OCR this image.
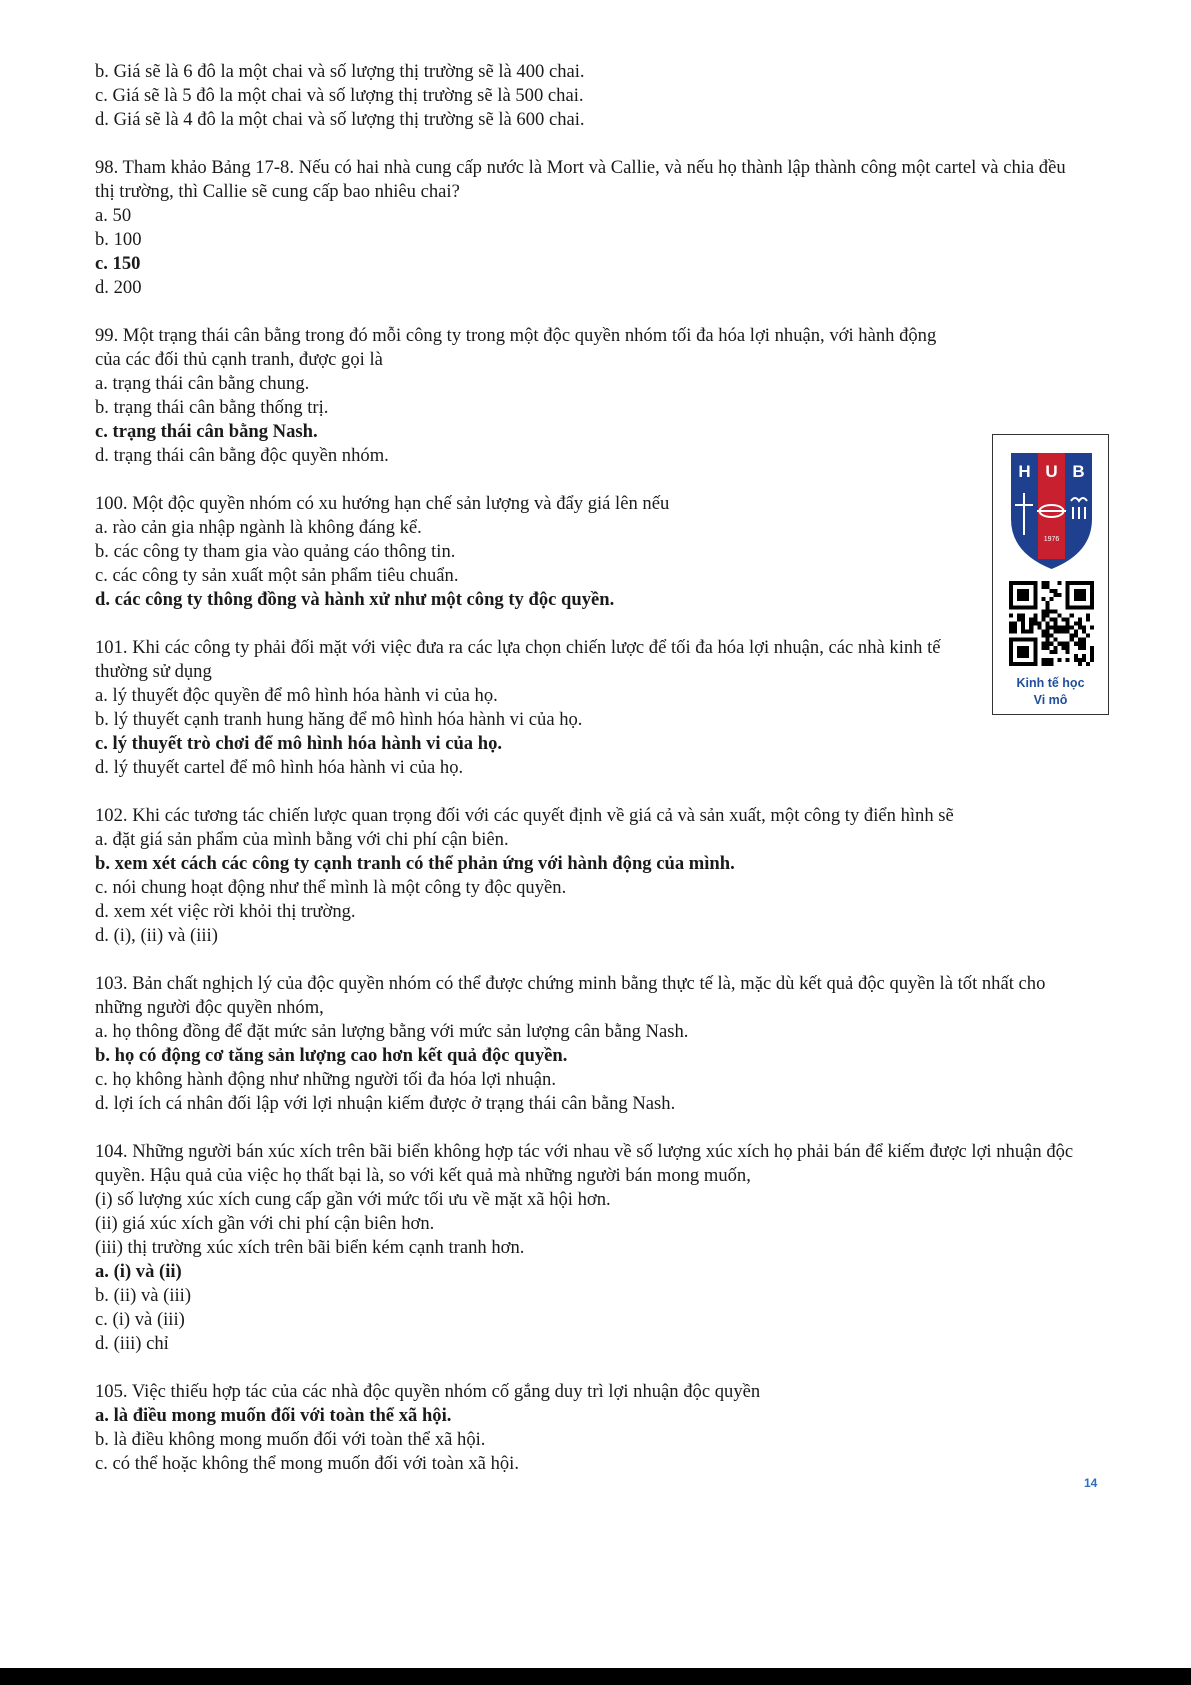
b. Giá sẽ là 6 đô la một chai và số lượng thị trường sẽ là 400 chai.
c. Giá sẽ là 5 đô la một chai và số lượng thị trường sẽ là 500 chai.
d. Giá sẽ là 4 đô la một chai và số lượng thị trường sẽ là 600 chai.
98. Tham khảo Bảng 17-8. Nếu có hai nhà cung cấp nước là Mort và Callie, và nếu họ thành lập thành công một cartel và chia đều thị trường, thì Callie sẽ cung cấp bao nhiêu chai?
a. 50
b. 100
c. 150
d. 200
99. Một trạng thái cân bằng trong đó mỗi công ty trong một độc quyền nhóm tối đa hóa lợi nhuận, với hành động của các đối thủ cạnh tranh, được gọi là
a. trạng thái cân bằng chung.
b. trạng thái cân bằng thống trị.
c. trạng thái cân bằng Nash.
d. trạng thái cân bằng độc quyền nhóm.
100. Một độc quyền nhóm có xu hướng hạn chế sản lượng và đẩy giá lên nếu
a. rào cản gia nhập ngành là không đáng kể.
b. các công ty tham gia vào quảng cáo thông tin.
c. các công ty sản xuất một sản phẩm tiêu chuẩn.
d. các công ty thông đồng và hành xử như một công ty độc quyền.
101. Khi các công ty phải đối mặt với việc đưa ra các lựa chọn chiến lược để tối đa hóa lợi nhuận, các nhà kinh tế thường sử dụng
a. lý thuyết độc quyền để mô hình hóa hành vi của họ.
b. lý thuyết cạnh tranh hung hăng để mô hình hóa hành vi của họ.
c. lý thuyết trò chơi để mô hình hóa hành vi của họ.
d. lý thuyết cartel để mô hình hóa hành vi của họ.
102. Khi các tương tác chiến lược quan trọng đối với các quyết định về giá cả và sản xuất, một công ty điển hình sẽ
a. đặt giá sản phẩm của mình bằng với chi phí cận biên.
b. xem xét cách các công ty cạnh tranh có thể phản ứng với hành động của mình.
c. nói chung hoạt động như thể mình là một công ty độc quyền.
d. xem xét việc rời khỏi thị trường.
d. (i), (ii) và (iii)
103. Bản chất nghịch lý của độc quyền nhóm có thể được chứng minh bằng thực tế là, mặc dù kết quả độc quyền là tốt nhất cho những người độc quyền nhóm,
a. họ thông đồng để đặt mức sản lượng bằng với mức sản lượng cân bằng Nash.
b. họ có động cơ tăng sản lượng cao hơn kết quả độc quyền.
c. họ không hành động như những người tối đa hóa lợi nhuận.
d. lợi ích cá nhân đối lập với lợi nhuận kiếm được ở trạng thái cân bằng Nash.
104. Những người bán xúc xích trên bãi biển không hợp tác với nhau về số lượng xúc xích họ phải bán để kiếm được lợi nhuận độc quyền. Hậu quả của việc họ thất bại là, so với kết quả mà những người bán mong muốn,
(i) số lượng xúc xích cung cấp gần với mức tối ưu về mặt xã hội hơn.
(ii) giá xúc xích gần với chi phí cận biên hơn.
(iii) thị trường xúc xích trên bãi biển kém cạnh tranh hơn.
a. (i) và (ii)
b. (ii) và (iii)
c. (i) và (iii)
d. (iii) chỉ
105. Việc thiếu hợp tác của các nhà độc quyền nhóm cố gắng duy trì lợi nhuận độc quyền
a. là điều mong muốn đối với toàn thể xã hội.
b. là điều không mong muốn đối với toàn thể xã hội.
c. có thể hoặc không thể mong muốn đối với toàn xã hội.
H U B
1976
Kinh tế học
Vi mô
14
